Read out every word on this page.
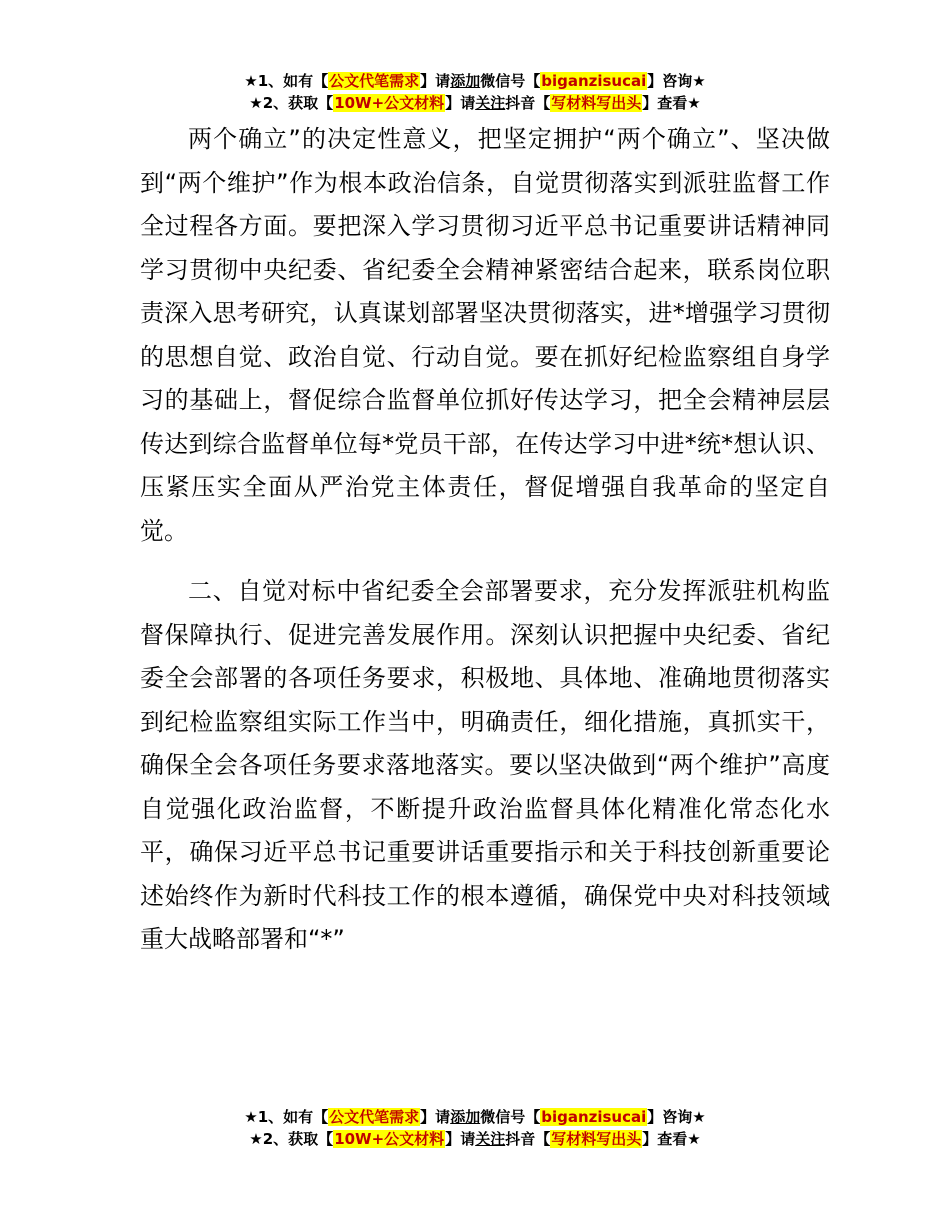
★1、如有【公文代笔需求】请添加微信号【biganzisucai】咨询★
★2、获取【10W+公文材料】请关注抖音【写材料写出头】查看★

两个确立”的决定性意义，把坚定拥护“两个确立”、坚决做到“两个维护”作为根本政治信条，自觉贯彻落实到派驻监督工作全过程各方面。要把深入学习贯彻习近平总书记重要讲话精神同学习贯彻中央纪委、省纪委全会精神紧密结合起来，联系岗位职责深入思考研究，认真谋划部署坚决贯彻落实，进*增强学习贯彻的思想自觉、政治自觉、行动自觉。要在抓好纪检监察组自身学习的基础上，督促综合监督单位抓好传达学习，把全会精神层层传达到综合监督单位每*党员干部，在传达学习中进*统*想认识、压紧压实全面从严治党主体责任，督促增强自我革命的坚定自觉。

二、自觉对标中省纪委全会部署要求，充分发挥派驻机构监督保障执行、促进完善发展作用。深刻认识把握中央纪委、省纪委全会部署的各项任务要求，积极地、具体地、准确地贯彻落实到纪检监察组实际工作当中，明确责任，细化措施，真抓实干，确保全会各项任务要求落地落实。要以坚决做到“两个维护”高度自觉强化政治监督，不断提升政治监督具体化精准化常态化水平，确保习近平总书记重要讲话重要指示和关于科技创新重要论述始终作为新时代科技工作的根本遵循，确保党中央对科技领域重大战略部署和“*”

★1、如有【公文代笔需求】请添加微信号【biganzisucai】咨询★
★2、获取【10W+公文材料】请关注抖音【写材料写出头】查看★
